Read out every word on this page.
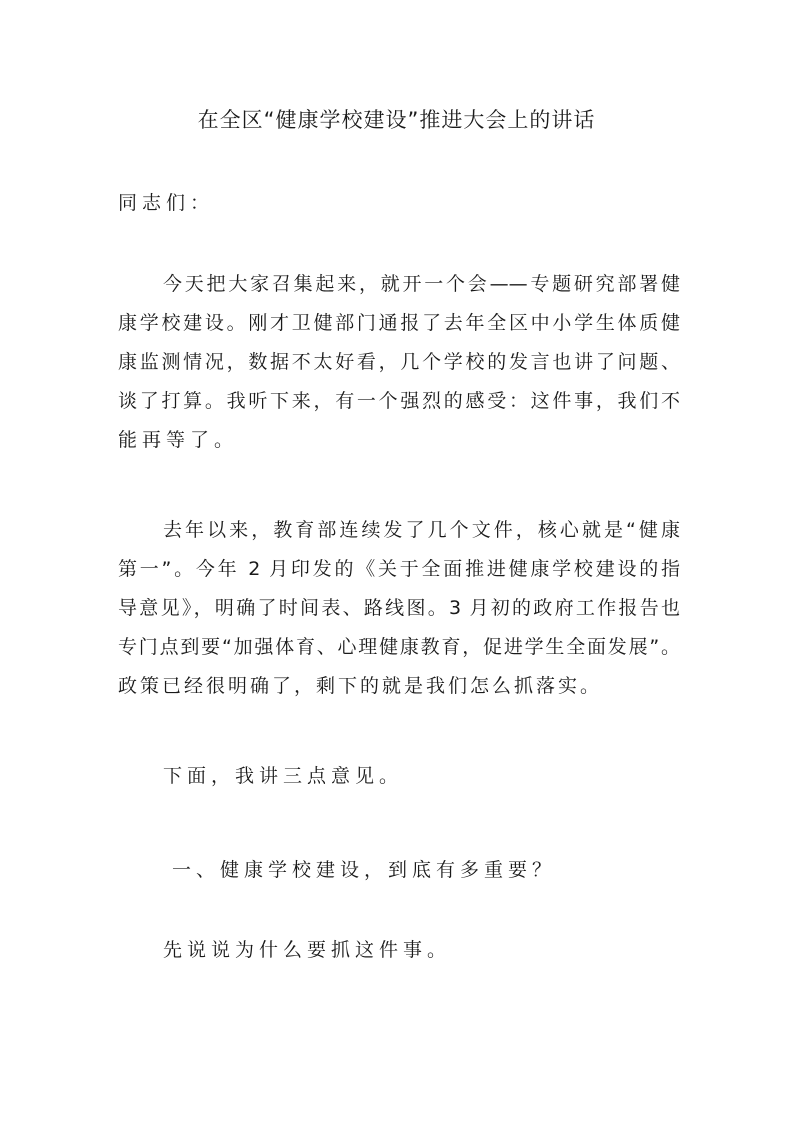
在全区“健康学校建设”推进大会上的讲话
同志们：
今天把大家召集起来，就开一个会——专题研究部署健
康学校建设。刚才卫健部门通报了去年全区中小学生体质健
康监测情况，数据不太好看，几个学校的发言也讲了问题、
谈了打算。我听下来，有一个强烈的感受：这件事，我们不
能再等了。
去年以来，教育部连续发了几个文件，核心就是“健康
第一”。今年 2 月印发的《关于全面推进健康学校建设的指
导意见》，明确了时间表、路线图。3 月初的政府工作报告也
专门点到要“加强体育、心理健康教育，促进学生全面发展”。
政策已经很明确了，剩下的就是我们怎么抓落实。
下面，我讲三点意见。
一、健康学校建设，到底有多重要？
先说说为什么要抓这件事。
